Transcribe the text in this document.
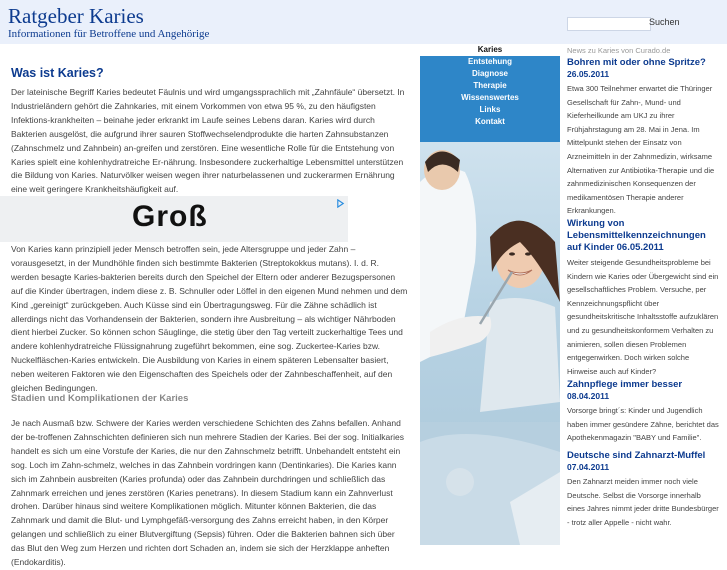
Ratgeber Karies
Informationen für Betroffene und Angehörige
Suchen
Was ist Karies?

Der lateinische Begriff Karies bedeutet Fäulnis und wird umgangssprachlich mit „Zahnfäule“ übersetzt. In Industrieländern gehört die Zahnkaries, mit einem Vorkommen von etwa 95 %, zu den häufigsten Infektions-krankheiten – beinahe jeder erkrankt im Laufe seines Lebens daran. Karies wird durch Bakterien ausgelöst, die aufgrund ihrer sauren Stoffwechselendprodukte die harten Zahnsubstanzen (Zahnschmelz und Zahnbein) an-greifen und zerstören. Eine wesentliche Rolle für die Entstehung von Karies spielt eine kohlenhydratreiche Er-nährung. Insbesondere zuckerhaltige Lebensmittel unterstützen die Bildung von Karies. Naturvölker weisen wegen ihrer naturbelassenen und zuckerarmen Ernährung eine weit geringere Krankheitshäufigkeit auf.

Groß

Von Karies kann prinzipiell jeder Mensch betroffen sein, jede Altersgruppe und jeder Zahn – vorausgesetzt, in der Mundhöhle finden sich bestimmte Bakterien (Streptokokkus mutans). I. d. R. werden besagte Karies-bakterien bereits durch den Speichel der Eltern oder anderer Bezugspersonen auf die Kinder übertragen, indem diese z. B. Schnuller oder Löffel in den eigenen Mund nehmen und dem Kind „gereinigt“ zurückgeben. Auch Küsse sind ein Übertragungsweg. Für die Zähne schädlich ist allerdings nicht das Vorhandensein der Bakterien, sondern ihre Ausbreitung – als wichtiger Nährboden dient hierbei Zucker. So können schon Säuglinge, die stetig über den Tag verteilt zuckerhaltige Tees und andere kohlenhydratreiche Flüssignahrung zugeführt bekommen, eine sog. Zuckertee-Karies bzw. Nuckelfläschen-Karies entwickeln. Die Ausbildung von Karies in einem späteren Lebensalter basiert, neben weiteren Faktoren wie den Eigenschaften des Speichels oder der Zahnbeschaffenheit, auf den gleichen Bedingungen.

Stadien und Komplikationen der Karies

Je nach Ausmaß bzw. Schwere der Karies werden verschiedene Schichten des Zahns befallen. Anhand der be-troffenen Zahnschichten definieren sich nun mehrere Stadien der Karies. Bei der sog. Initialkaries handelt es sich um eine Vorstufe der Karies, die nur den Zahnschmelz betrifft. Unbehandelt entsteht ein sog. Loch im Zahn-schmelz, welches in das Zahnbein vordringen kann (Dentinkaries). Die Karies kann sich im Zahnbein ausbreiten (Karies profunda) oder das Zahnbein durchdringen und schließlich das Zahnmark erreichen und jenes zerstören (Karies penetrans). In diesem Stadium kann ein Zahnverlust drohen. Darüber hinaus sind weitere Komplikationen möglich. Mitunter können Bakterien, die das Zahnmark und damit die Blut- und Lymphgefäß-versorgung des Zahns erreicht haben, in den Körper gelangen und schließlich zu einer Blutvergiftung (Sepsis) führen. Oder die Bakterien bahnen sich über das Blut den Weg zum Herzen und richten dort Schaden an, indem sie sich der Herzklappe anheften (Endokarditis).

Karies
Entstehung
Diagnose
Therapie
Wissenswertes
Links
Kontakt
News zu Karies von Curado.de
Bohren mit oder ohne Spritze?
26.05.2011
Etwa 300 Teilnehmer erwartet die Thüringer Gesellschaft für Zahn-, Mund- und Kieferheilkunde am UKJ zu ihrer Frühjahrstagung am 28. Mai in Jena. Im Mittelpunkt stehen der Einsatz von Arzneimitteln in der Zahnmedizin, wirksame Alternativen zur Antibiotika-Therapie und die zahnmedizinischen Konsequenzen der medikamentösen Therapie anderer Erkrankungen.
Wirkung von Lebensmittelkennzeichnungen auf Kinder 06.05.2011
Weiter steigende Gesundheitsprobleme bei Kindern wie Karies oder Übergewicht sind ein gesellschaftliches Problem. Versuche, per Kennzeichnungspflicht über gesundheitskritische Inhaltsstoffe aufzuklären und zu gesundheitskonformem Verhalten zu animieren, sollen diesen Problemen entgegenwirken. Doch wirken solche Hinweise auch auf Kinder?
Zahnpflege immer besser
08.04.2011
Vorsorge bringt´s: Kinder und Jugendlich haben immer gesündere Zähne, berichtet das Apothekenmagazin "BABY und Familie".
Deutsche sind Zahnarzt-Muffel
07.04.2011
Den Zahnarzt meiden immer noch viele Deutsche. Selbst die Vorsorge innerhalb eines Jahres nimmt jeder dritte Bundesbürger - trotz aller Appelle - nicht wahr.
